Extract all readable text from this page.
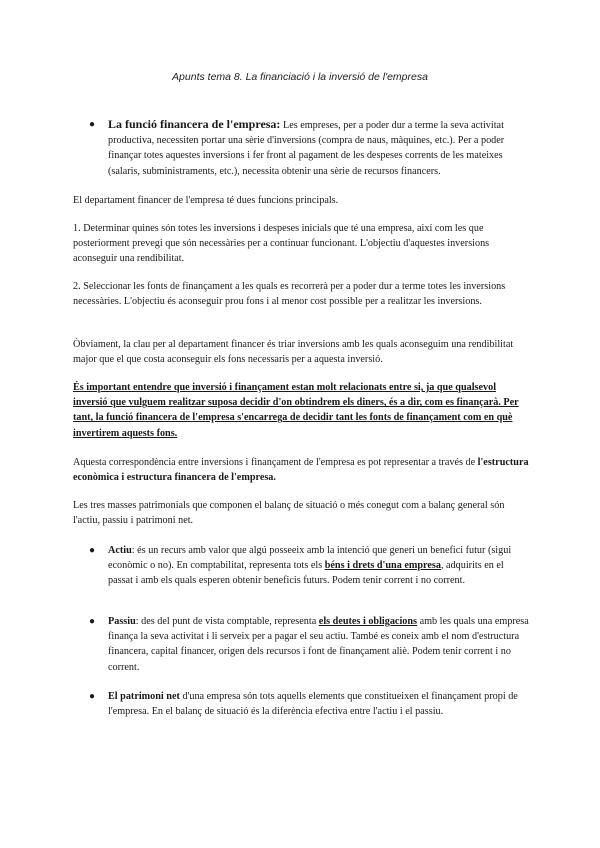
Apunts tema 8. La financiació i la inversió de l'empresa
● La funció financera de l'empresa: Les empreses, per a poder dur a terme la seva activitat productiva, necessiten portar una sèrie d'inversions (compra de naus, màquines, etc.). Per a poder finançar totes aquestes inversions i fer front al pagament de les despeses corrents de les mateixes (salaris, subministraments, etc.), necessita obtenir una sèrie de recursos financers.

El departament financer de l'empresa té dues funcions principals.

1. Determinar quines són totes les inversions i despeses inicials que té una empresa, així com les que posteriorment prevegi que són necessàries per a continuar funcionant. L'objectiu d'aquestes inversions aconseguir una rendibilitat.

2. Seleccionar les fonts de finançament a les quals es recorrerà per a poder dur a terme totes les inversions necessàries. L'objectiu és aconseguir prou fons i al menor cost possible per a realitzar les inversions.

Òbviament, la clau per al departament financer és triar inversions amb les quals aconseguim una rendibilitat major que el que costa aconseguir els fons necessaris per a aquesta inversió.

És important entendre que inversió i finançament estan molt relacionats entre si, ja que qualsevol inversió que vulguem realitzar suposa decidir d'on obtindrem els diners, és a dir, com es finançarà. Per tant, la funció financera de l'empresa s'encarrega de decidir tant les fonts de finançament com en què invertirem aquests fons.

Aquesta correspondència entre inversions i finançament de l'empresa es pot representar a través de l'estructura econòmica i estructura financera de l'empresa.

Les tres masses patrimonials que componen el balanç de situació o més conegut com a balanç general són l'actiu, passiu i patrimoni net.

● Actiu: és un recurs amb valor que algú posseeix amb la intenció que generi un benefici futur (sigui econòmic o no). En comptabilitat, representa tots els béns i drets d'una empresa, adquirits en el passat i amb els quals esperen obtenir beneficis futurs. Podem tenir corrent i no corrent.
● Passiu: des del punt de vista comptable, representa els deutes i obligacions amb les quals una empresa finança la seva activitat i li serveix per a pagar el seu actiu. També es coneix amb el nom d'estructura financera, capital financer, origen dels recursos i font de finançament aliè. Podem tenir corrent i no corrent.
● El patrimoni net d'una empresa són tots aquells elements que constitueixen el finançament propi de l'empresa. En el balanç de situació és la diferència efectiva entre l'actiu i el passiu.
